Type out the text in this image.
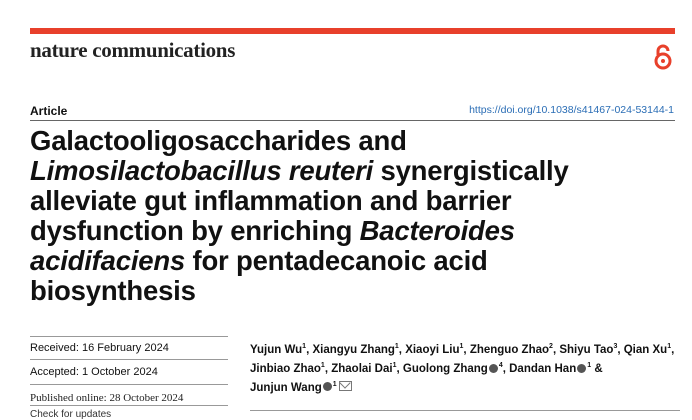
nature communications
Article	https://doi.org/10.1038/s41467-024-53144-1
Galactooligosaccharides and
Limosilactobacillus reuteri synergistically
alleviate gut inflammation and barrier
dysfunction by enriching Bacteroides
acidifaciens for pentadecanoic acid
biosynthesis
Received: 16 February 2024
Accepted: 1 October 2024
Published online: 28 October 2024
Check for updates
Yujun Wu$^1$, Xiangyu Zhang$^1$, Xiaoyi Liu$^1$, Zhenguo Zhao$^2$, Shiyu Tao$^3$, Qian Xu$^1$,
Jinbiao Zhao$^1$, Zhaolai Dai$^1$, Guolong Zhang $^4$, Dandan Han $^1$ &
Junjun Wang $^1$
